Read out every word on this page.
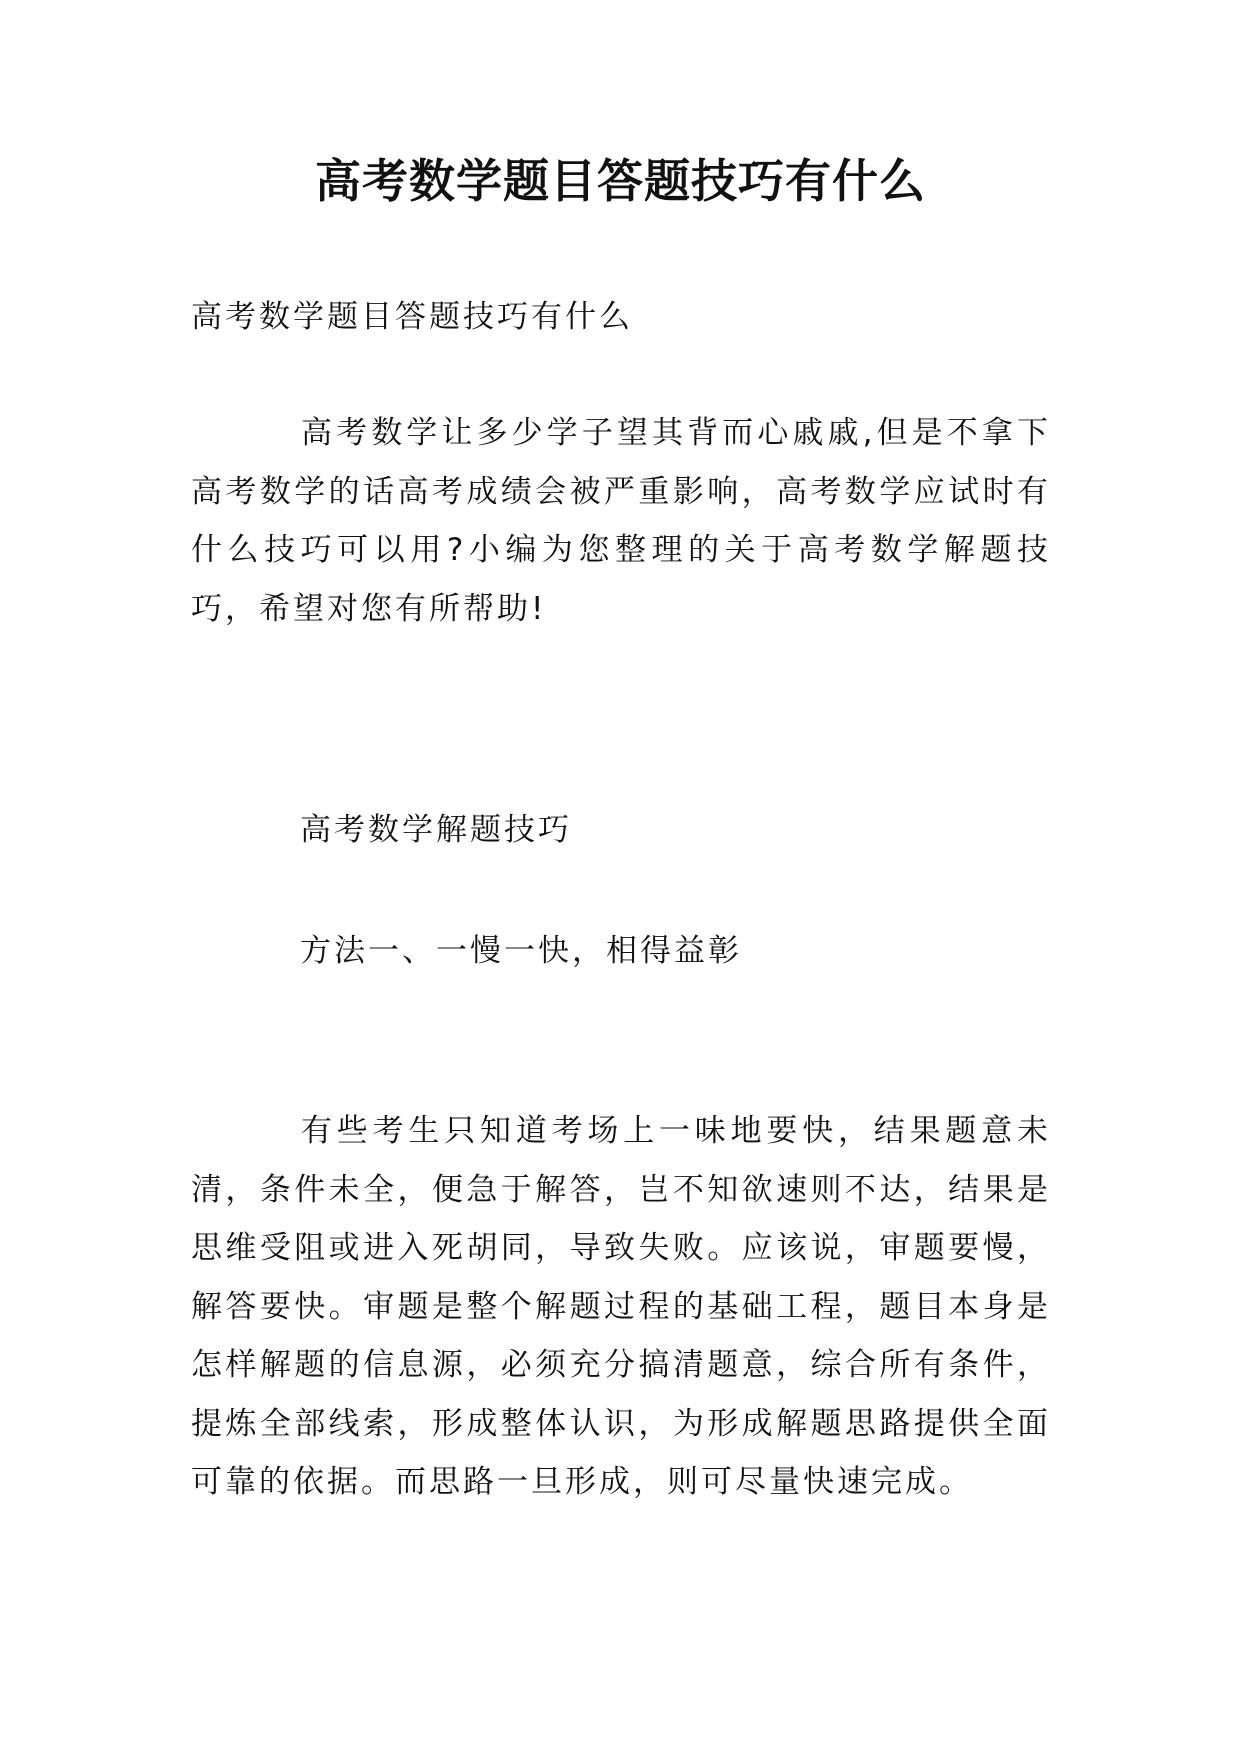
高考数学题目答题技巧有什么

高考数学题目答题技巧有什么

高考数学让多少学子望其背而心戚戚,但是不拿下高考数学的话高考成绩会被严重影响，高考数学应试时有什么技巧可以用?小编为您整理的关于高考数学解题技巧，希望对您有所帮助!

高考数学解题技巧

方法一、一慢一快，相得益彰

有些考生只知道考场上一味地要快，结果题意未清，条件未全，便急于解答，岂不知欲速则不达，结果是思维受阻或进入死胡同，导致失败。应该说，审题要慢，解答要快。审题是整个解题过程的基础工程，题目本身是怎样解题的信息源，必须充分搞清题意，综合所有条件，提炼全部线索，形成整体认识，为形成解题思路提供全面可靠的依据。而思路一旦形成，则可尽量快速完成。
